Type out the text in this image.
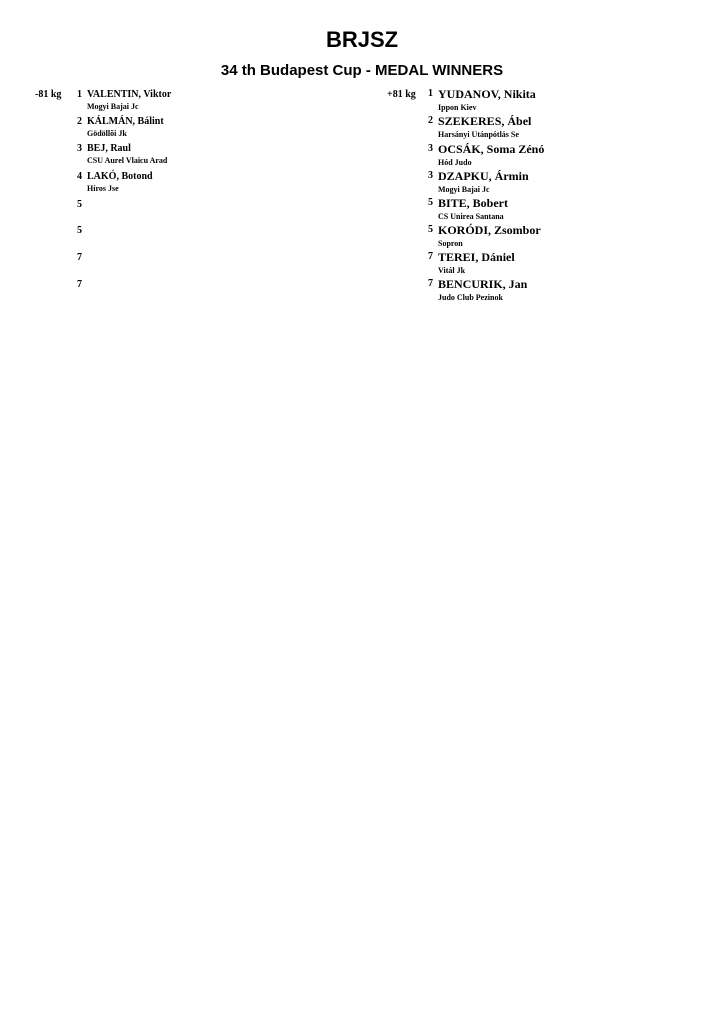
BRJSZ
34 th Budapest Cup - MEDAL WINNERS
-81 kg 1 VALENTIN, Viktor
Mogyi Bajai Jc
2 KÁLMÁN, Bálint
Gödöllõi Jk
3 BEJ, Raul
CSU Aurel Vlaicu Arad
4 LAKÓ, Botond
Híros Jse
5
5
7
7
+81 kg 1 YUDANOV, Nikita
Ippon Kiev
2 SZEKERES, Ábel
Harsányi Utánpótlás Se
3 OCSÁK, Soma Zénó
Hód Judo
3 DZAPKU, Ármin
Mogyi Bajai Jc
5 BITE, Bobert
CS Unirea Santana
5 KORÓDI, Zsombor
Sopron
7 TEREI, Dániel
Vitál Jk
7 BENCURIK, Jan
Judo Club Pezinok
